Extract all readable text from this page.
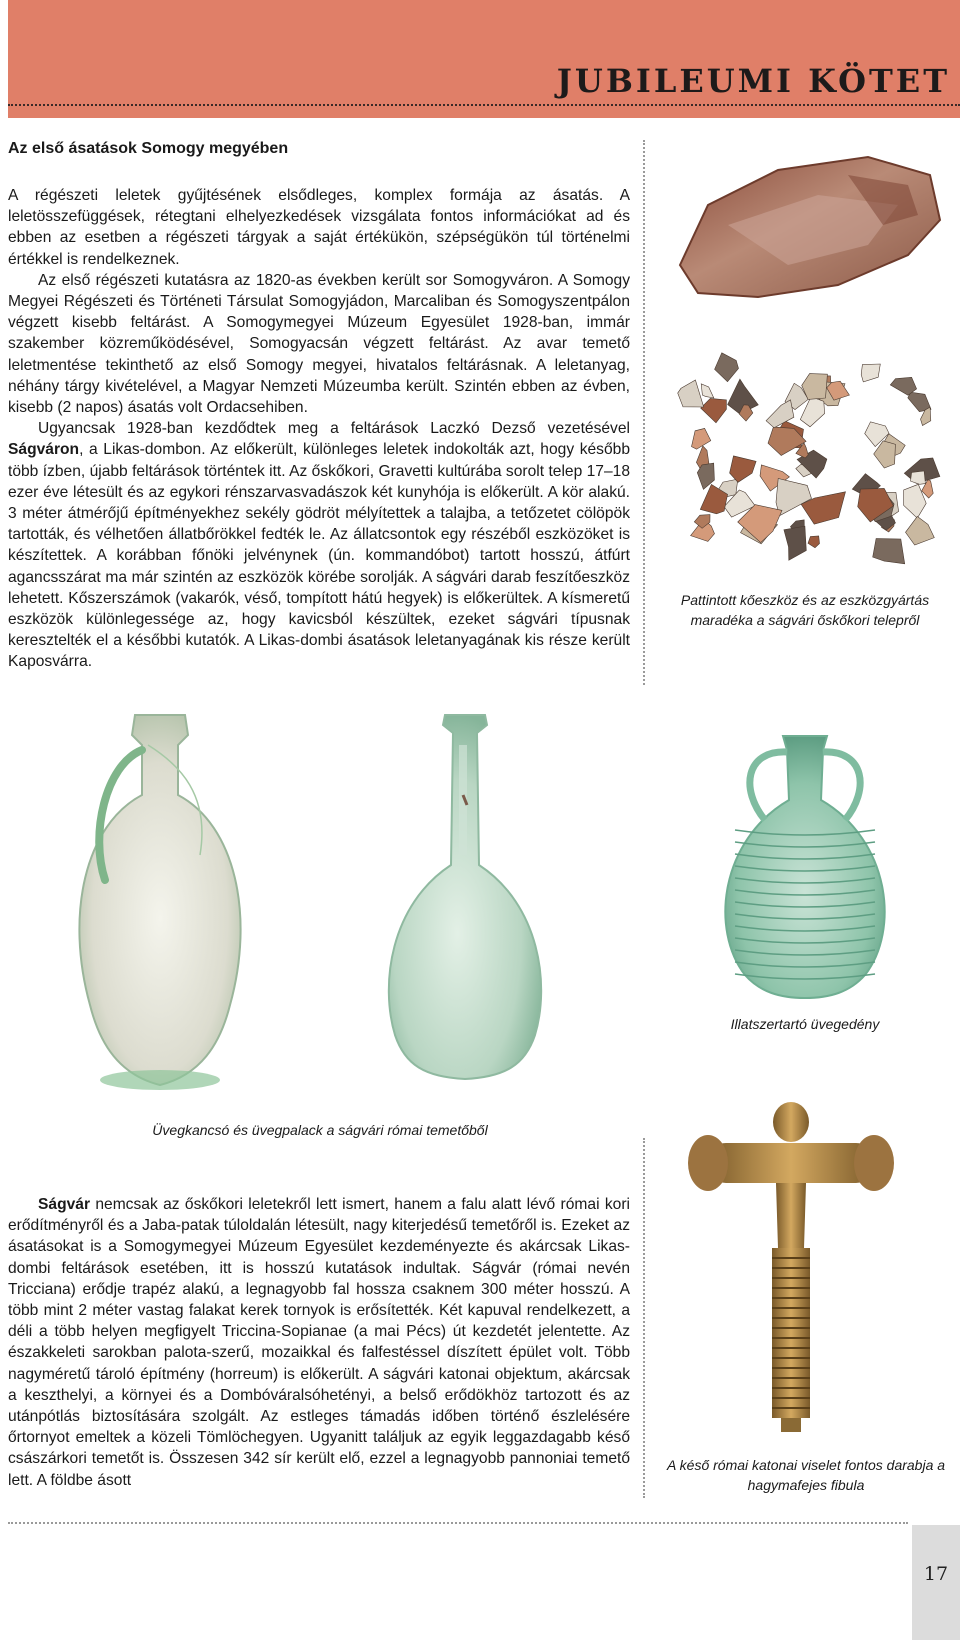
JUBILEUMI KÖTET
Az első ásatások Somogy megyében

A régészeti leletek gyűjtésének elsődleges, komplex formája az ásatás. A leletösszefüggések, rétegtani elhelyezkedések vizsgálata fontos információkat ad és ebben az esetben a régészeti tárgyak a saját értékükön, szépségükön túl történelmi értékkel is rendelkeznek.

Az első régészeti kutatásra az 1820-as években került sor Somogyváron. A Somogy Megyei Régészeti és Történeti Társulat Somogyjádon, Marcaliban és Somogyszentpálon végzett kisebb feltárást. A Somogymegyei Múzeum Egyesület 1928-ban, immár szakember közreműködésével, Somogyacsán végzett feltárást. Az avar temető leletmentése tekinthető az első Somogy megyei, hivatalos feltárásnak. A leletanyag, néhány tárgy kivételével, a Magyar Nemzeti Múzeumba került. Szintén ebben az évben, kisebb (2 napos) ásatás volt Ordacsehiben.

Ugyancsak 1928-ban kezdődtek meg a feltárások Laczkó Dezső vezetésével Ságváron, a Likas-dombon. Az előkerült, különleges leletek indokolták azt, hogy később több ízben, újabb feltárások történtek itt. Az őskőkori, Gravetti kultúrába sorolt telep 17–18 ezer éve létesült és az egykori rénszarvasvadászok két kunyhója is előkerült. A kör alakú. 3 méter átmérőjű építményekhez sekély gödröt mélyítettek a talajba, a tetőzetet cölöpök tartották, és vélhetően állatbőrökkel fedték le. Az állatcsontok egy részéből eszközöket is készítettek. A korábban főnöki jelvénynek (ún. kommandóbot) tartott hosszú, átfúrt agancsszárat ma már szintén az eszközök körébe sorolják. A ságvári darab feszítőeszköz lehetett. Kőszerszámok (vakarók, véső, tompított hátú hegyek) is előkerültek. A kísmeretű eszközök különlegessége az, hogy kavicsból készültek, ezeket ságvári típusnak keresztelték el a későbbi kutatók. A Likas-dombi ásatások leletanyagának kis része került Kaposvárra.

Pattintott kőeszköz és az eszközgyártás maradéka a ságvári őskőkori telepről

Illatszertartó üvegedény

Üvegkancsó és üvegpalack a ságvári római temetőből

A késő római katonai viselet fontos darabja a hagymafejes fibula

Ságvár nemcsak az őskőkori leletekről lett ismert, hanem a falu alatt lévő római kori erődítményről és a Jaba-patak túloldalán létesült, nagy kiterjedésű temetőről is. Ezeket az ásatásokat is a Somogymegyei Múzeum Egyesület kezdeményezte és akárcsak Likas-dombi feltárások esetében, itt is hosszú kutatások indultak. Ságvár (római nevén Tricciana) erődje trapéz alakú, a legnagyobb fal hossza csaknem 300 méter hosszú. A több mint 2 méter vastag falakat kerek tornyok is erősítették. Két kapuval rendelkezett, a déli a több helyen megfigyelt Triccina-Sopianae (a mai Pécs) út kezdetét jelentette. Az északkeleti sarokban palota-szerű, mozaikkal és falfestéssel díszített épület volt. Több nagyméretű tároló építmény (horreum) is előkerült. A ságvári katonai objektum, akárcsak a keszthelyi, a környei és a Dombóváralsóhetényi, a belső erődökhöz tartozott és az utánpótlás biztosítására szolgált. Az estleges támadás időben történő észlelésére őrtornyot emeltek a közeli Tömlöchegyen. Ugyanitt találjuk az egyik leggazdagabb késő császárkori temetőt is. Összesen 342 sír került elő, ezzel a legnagyobb pannoniai temető lett. A földbe ásott

17
